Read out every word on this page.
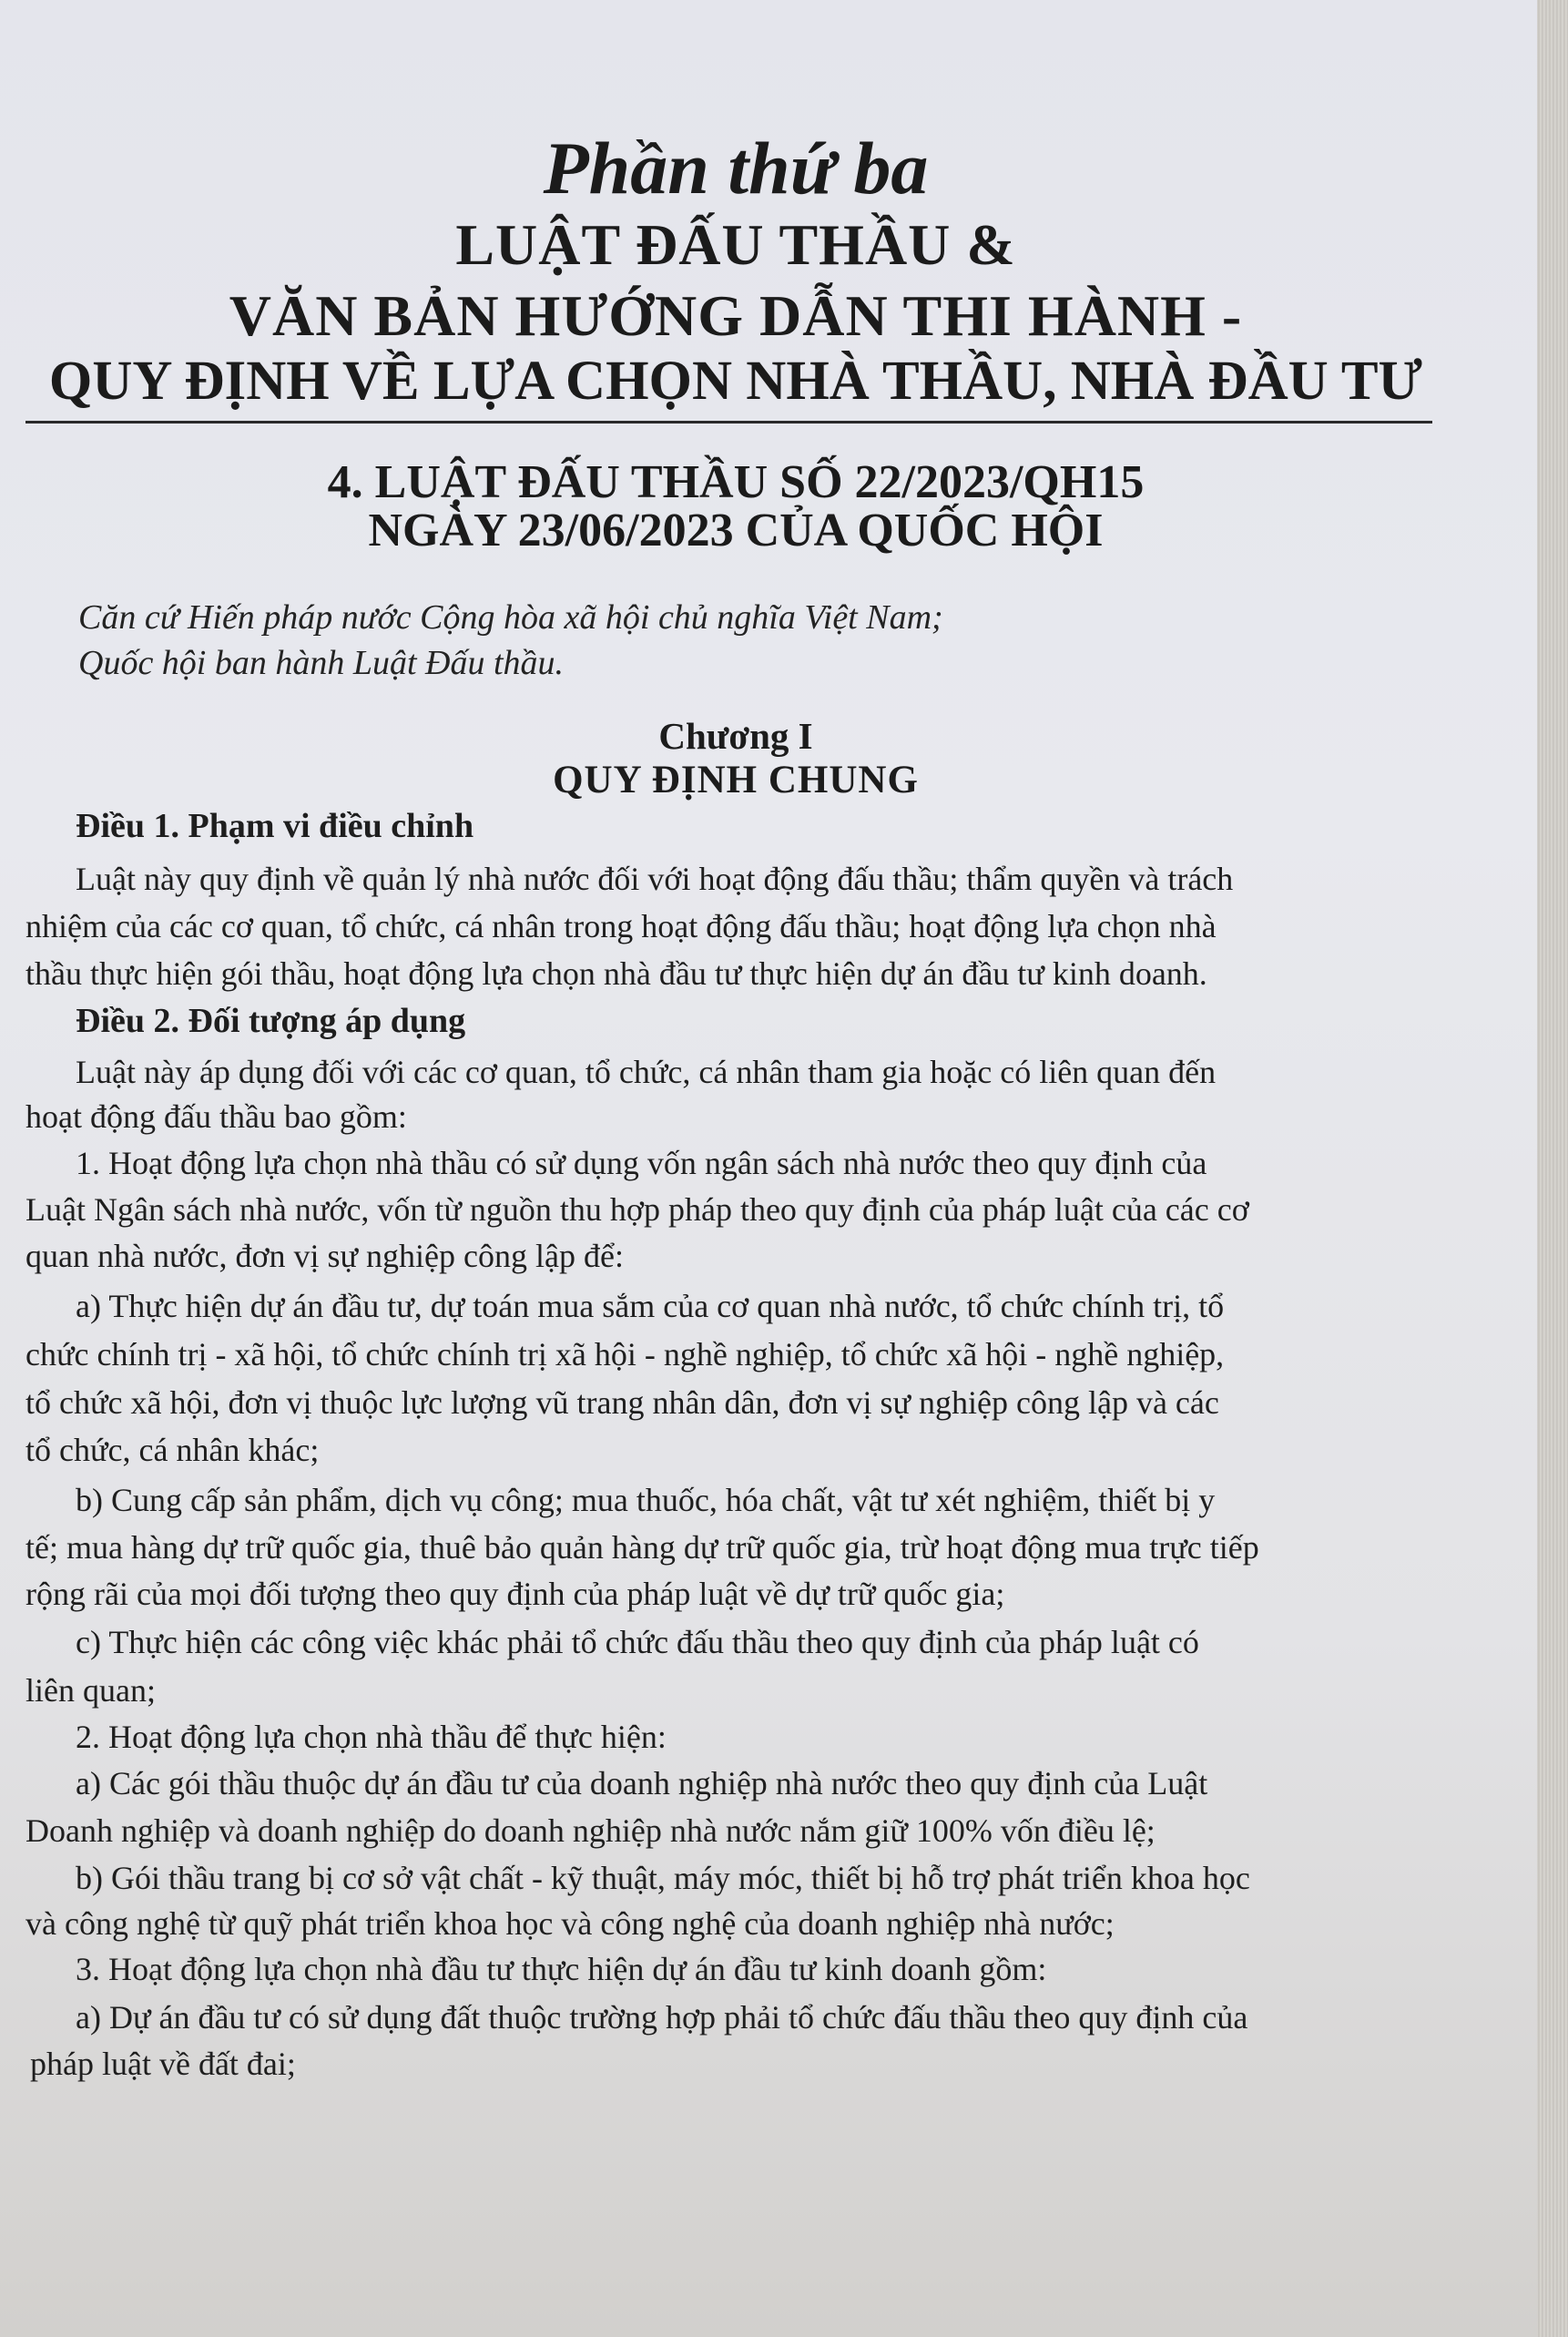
Phần thứ ba
LUẬT ĐẤU THẦU &
VĂN BẢN HƯỚNG DẪN THI HÀNH -
QUY ĐỊNH VỀ LỰA CHỌN NHÀ THẦU, NHÀ ĐẦU TƯ
4. LUẬT ĐẤU THẦU SỐ 22/2023/QH15
NGÀY 23/06/2023 CỦA QUỐC HỘI
Căn cứ Hiến pháp nước Cộng hòa xã hội chủ nghĩa Việt Nam;
Quốc hội ban hành Luật Đấu thầu.
Chương I
QUY ĐỊNH CHUNG
Điều 1. Phạm vi điều chỉnh
Luật này quy định về quản lý nhà nước đối với hoạt động đấu thầu; thẩm quyền và trách
nhiệm của các cơ quan, tổ chức, cá nhân trong hoạt động đấu thầu; hoạt động lựa chọn nhà
thầu thực hiện gói thầu, hoạt động lựa chọn nhà đầu tư thực hiện dự án đầu tư kinh doanh.
Điều 2. Đối tượng áp dụng
Luật này áp dụng đối với các cơ quan, tổ chức, cá nhân tham gia hoặc có liên quan đến
hoạt động đấu thầu bao gồm:
1. Hoạt động lựa chọn nhà thầu có sử dụng vốn ngân sách nhà nước theo quy định của
Luật Ngân sách nhà nước, vốn từ nguồn thu hợp pháp theo quy định của pháp luật của các cơ
quan nhà nước, đơn vị sự nghiệp công lập để:
a) Thực hiện dự án đầu tư, dự toán mua sắm của cơ quan nhà nước, tổ chức chính trị, tổ
chức chính trị - xã hội, tổ chức chính trị xã hội - nghề nghiệp, tổ chức xã hội - nghề nghiệp,
tổ chức xã hội, đơn vị thuộc lực lượng vũ trang nhân dân, đơn vị sự nghiệp công lập và các
tổ chức, cá nhân khác;
b) Cung cấp sản phẩm, dịch vụ công; mua thuốc, hóa chất, vật tư xét nghiệm, thiết bị y
tế; mua hàng dự trữ quốc gia, thuê bảo quản hàng dự trữ quốc gia, trừ hoạt động mua trực tiếp
rộng rãi của mọi đối tượng theo quy định của pháp luật về dự trữ quốc gia;
c) Thực hiện các công việc khác phải tổ chức đấu thầu theo quy định của pháp luật có
liên quan;
2. Hoạt động lựa chọn nhà thầu để thực hiện:
a) Các gói thầu thuộc dự án đầu tư của doanh nghiệp nhà nước theo quy định của Luật
Doanh nghiệp và doanh nghiệp do doanh nghiệp nhà nước nắm giữ 100% vốn điều lệ;
b) Gói thầu trang bị cơ sở vật chất - kỹ thuật, máy móc, thiết bị hỗ trợ phát triển khoa học
và công nghệ từ quỹ phát triển khoa học và công nghệ của doanh nghiệp nhà nước;
3. Hoạt động lựa chọn nhà đầu tư thực hiện dự án đầu tư kinh doanh gồm:
a) Dự án đầu tư có sử dụng đất thuộc trường hợp phải tổ chức đấu thầu theo quy định của
pháp luật về đất đai;
